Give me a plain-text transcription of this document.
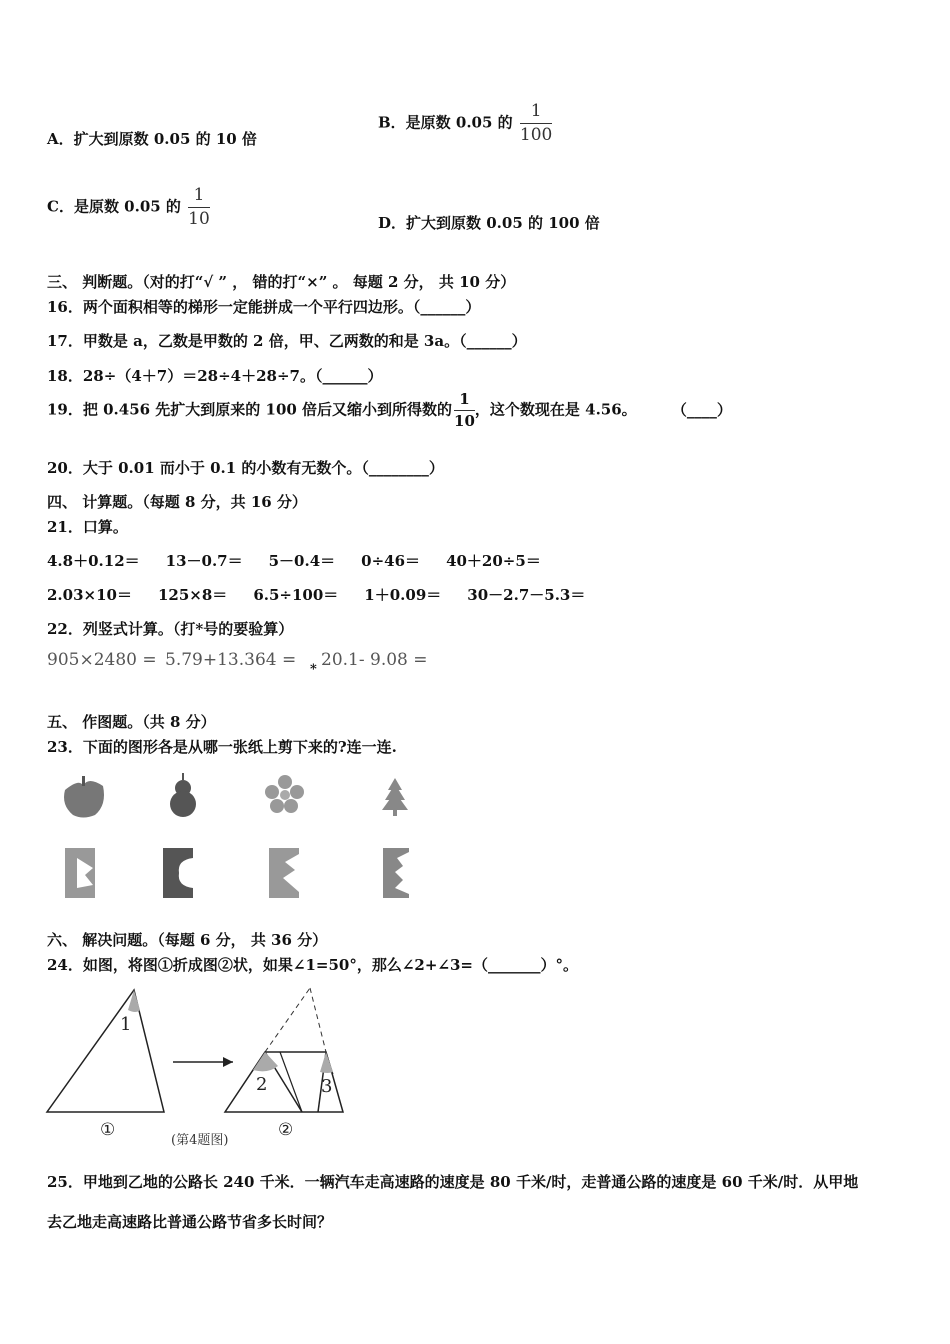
A．扩大到原数 0.05 的 10 倍
B．是原数 0.05 的 $\frac{1}{100}$
C．是原数 0.05 的 $\frac{1}{10}$	D．扩大到原数 0.05 的 100 倍
三、 判断题。（对的打“√ ” ， 错的打“×” 。 每题 2 分， 共 10 分）
16．两个面积相等的梯形一定能拼成一个平行四边形。（______）
17．甲数是 a，乙数是甲数的 2 倍，甲、乙两数的和是 3a。（______）
18．28÷（4＋7）＝28÷4＋28÷7。（______）
19．把 0.456 先扩大到原来的 100 倍后又缩小到所得数的 $\frac{1}{10}$ ，这个数现在是 4.56。 （____）
20．大于 0.01 而小于 0.1 的小数有无数个。（________）
四、 计算题。（每题 8 分，共 16 分）
21．口算。
4.8＋0.12＝ 13－0.7＝ 5－0.4＝ 0÷46＝ 40＋20÷5＝
2.03×10＝ 125×8＝ 6.5÷100＝ 1＋0.09＝ 30－2.7－5.3＝
22．列竖式计算。（打*号的要验算）
905×2480 = 5.79+13.364 = * 20.1- 9.08 =
五、 作图题。（共 8 分）
23．下面的图形各是从哪一张纸上剪下来的?连一连.
六、 解决问题。（每题 6 分， 共 36 分）
24．如图，将图①折成图②状，如果∠1=50°，那么∠2+∠3=（_______）°。
1
2	3
①
(第4题图)
②
25．甲地到乙地的公路长 240 千米．一辆汽车走高速路的速度是 80 千米/时，走普通公路的速度是 60 千米/时．从甲地
去乙地走高速路比普通公路节省多长时间？
